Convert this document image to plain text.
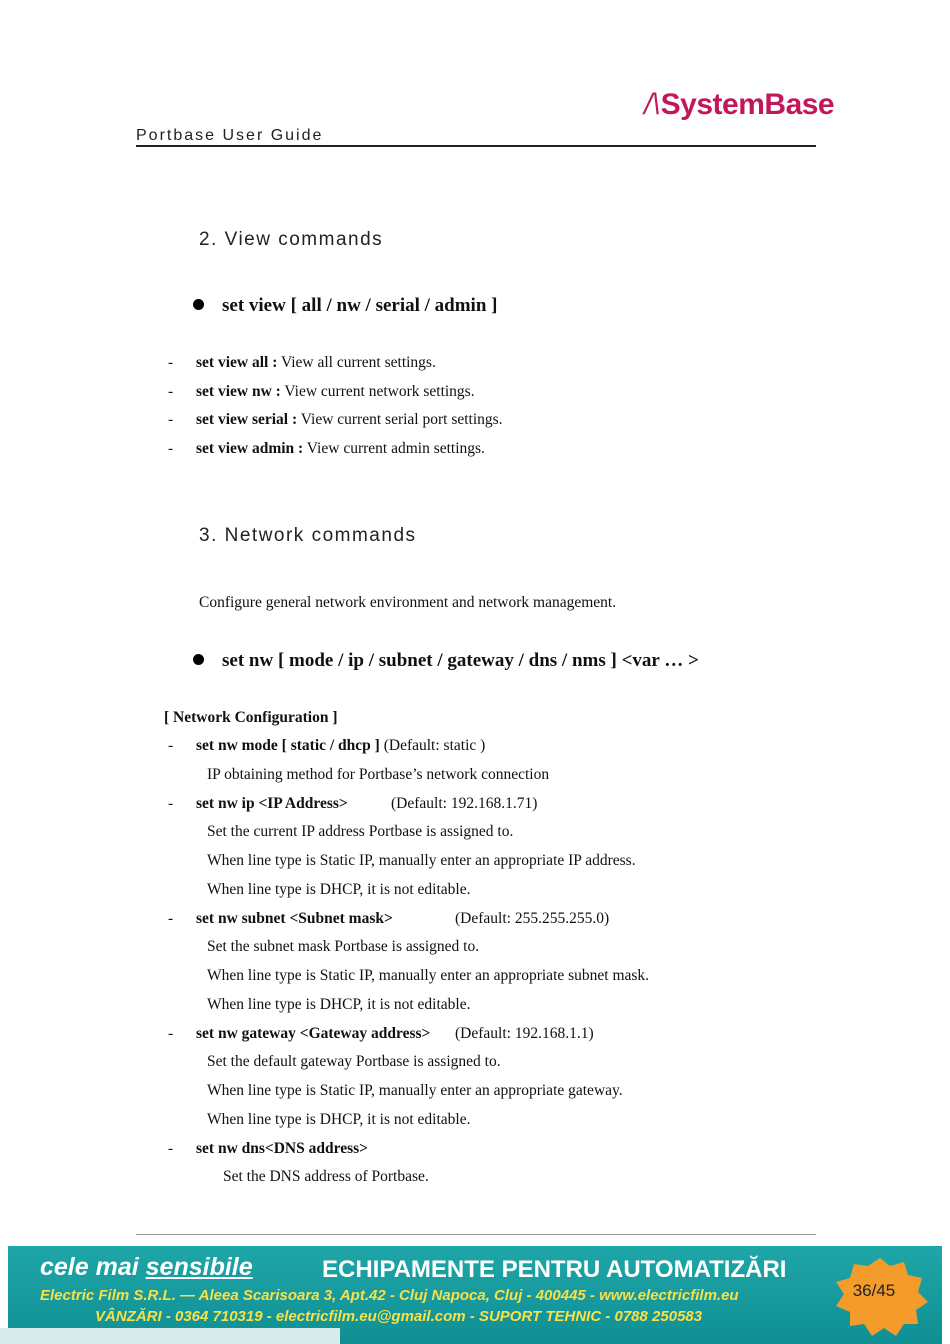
/\SystemBase
Portbase User Guide
2. View commands
set view [ all / nw / serial / admin ]
- set view all : View all current settings.
- set view nw : View current network settings.
- set view serial : View current serial port settings.
- set view admin : View current admin settings.
3. Network commands
Configure general network environment and network management.
set nw [ mode / ip / subnet / gateway / dns / nms ] <var … >
[ Network Configuration ]
- set nw mode [ static / dhcp ] (Default: static )
IP obtaining method for Portbase’s network connection
- set nw ip <IP Address>	(Default: 192.168.1.71)
Set the current IP address Portbase is assigned to.
When line type is Static IP, manually enter an appropriate IP address.
When line type is DHCP, it is not editable.
- set nw subnet <Subnet mask>	(Default: 255.255.255.0)
Set the subnet mask Portbase is assigned to.
When line type is Static IP, manually enter an appropriate subnet mask.
When line type is DHCP, it is not editable.
- set nw gateway <Gateway address> (Default: 192.168.1.1)
Set the default gateway Portbase is assigned to.
When line type is Static IP, manually enter an appropriate gateway.
When line type is DHCP, it is not editable.
- set nw dns<DNS address>
Set the DNS address of Portbase.
cele mai sensibile	ECHIPAMENTE PENTRU AUTOMATIZĂRI
Electric Film S.R.L. — Aleea Scarisoara 3, Apt.42 - Cluj Napoca, Cluj - 400445 - www.electricfilm.eu
VÂNZĂRI - 0364 710319 - electricfilm.eu@gmail.com - SUPORT TEHNIC - 0788 250583
36/45
